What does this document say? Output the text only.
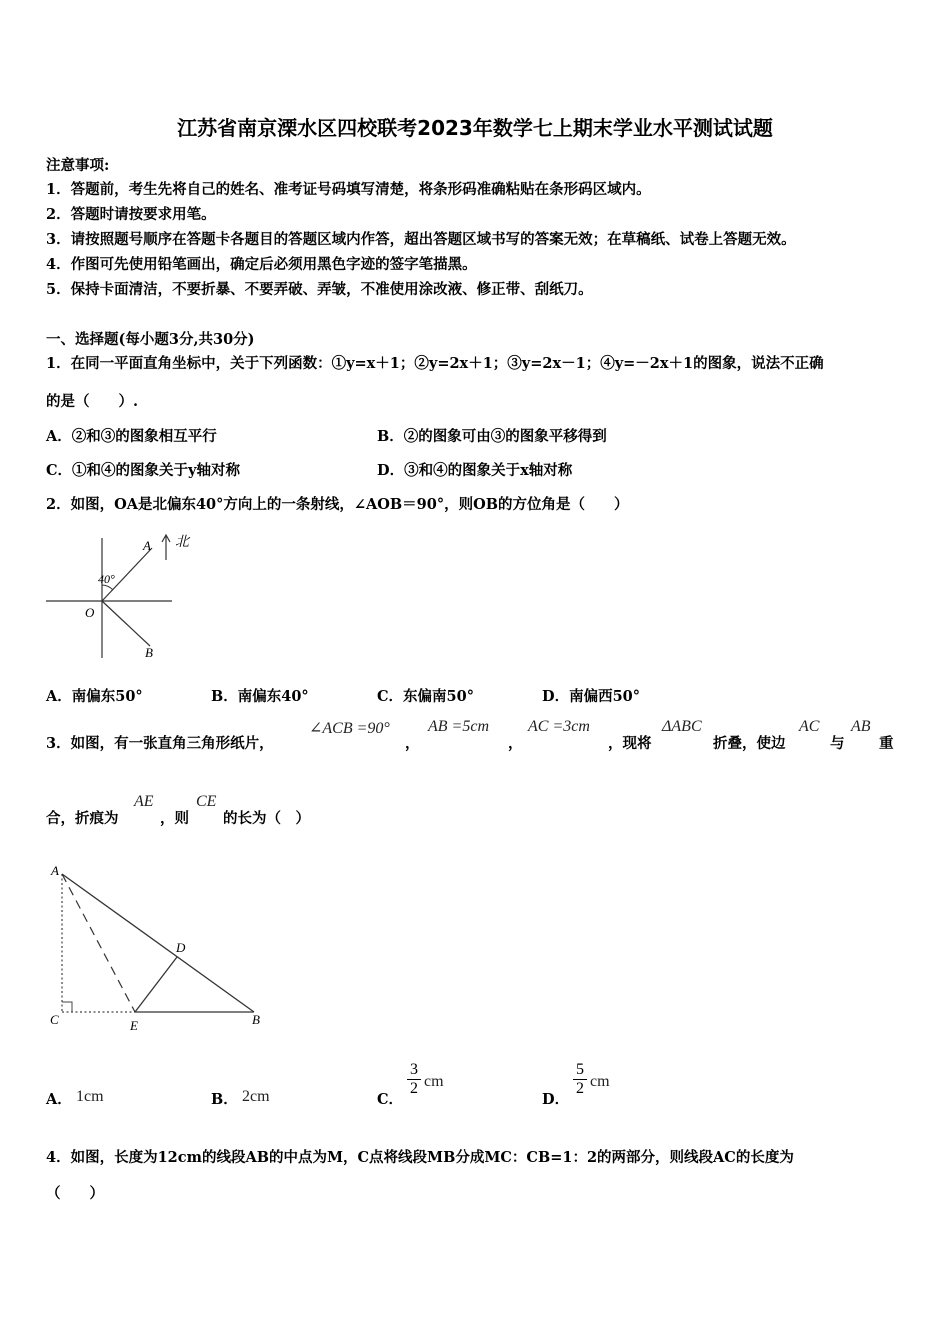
江苏省南京溧水区四校联考2023年数学七上期末学业水平测试试题
注意事项:
1．答题前，考生先将自己的姓名、准考证号码填写清楚，将条形码准确粘贴在条形码区域内。
2．答题时请按要求用笔。
3．请按照题号顺序在答题卡各题目的答题区域内作答，超出答题区域书写的答案无效；在草稿纸、试卷上答题无效。
4．作图可先使用铅笔画出，确定后必须用黑色字迹的签字笔描黑。
5．保持卡面清洁，不要折暴、不要弄破、弄皱，不准使用涂改液、修正带、刮纸刀。
一、选择题(每小题3分,共30分)
1．在同一平面直角坐标中，关于下列函数：①y=x＋1；②y=2x＋1；③y=2x－1；④y=－2x＋1的图象，说法不正确
的是（　　）.
A．②和③的图象相互平行	B．②的图象可由③的图象平移得到
C．①和④的图象关于y轴对称	D．③和④的图象关于x轴对称
2．如图，OA是北偏东40°方向上的一条射线，∠AOB＝90°，则OB的方位角是（　　）
A
B
O
北
40°
A．南偏东50°	B．南偏东40°	C．东偏南50°	D．南偏西50°
3．如图，有一张直角三角形纸片，
∠ACB =90°
，
AB =5cm
，
AC =3cm
，现将
ΔABC
折叠，使边
AC
与
AB
重
合，折痕为
AE
，则
CE
的长为（　）
A
C	E	B
D
A． 1cm	B． 2cm	C．
$\frac{3}{2}$ cm
D．
$\frac{5}{2}$ cm
4．如图，长度为12cm的线段AB的中点为M，C点将线段MB分成MC：CB=1：2的两部分，则线段AC的长度为
（　　）
